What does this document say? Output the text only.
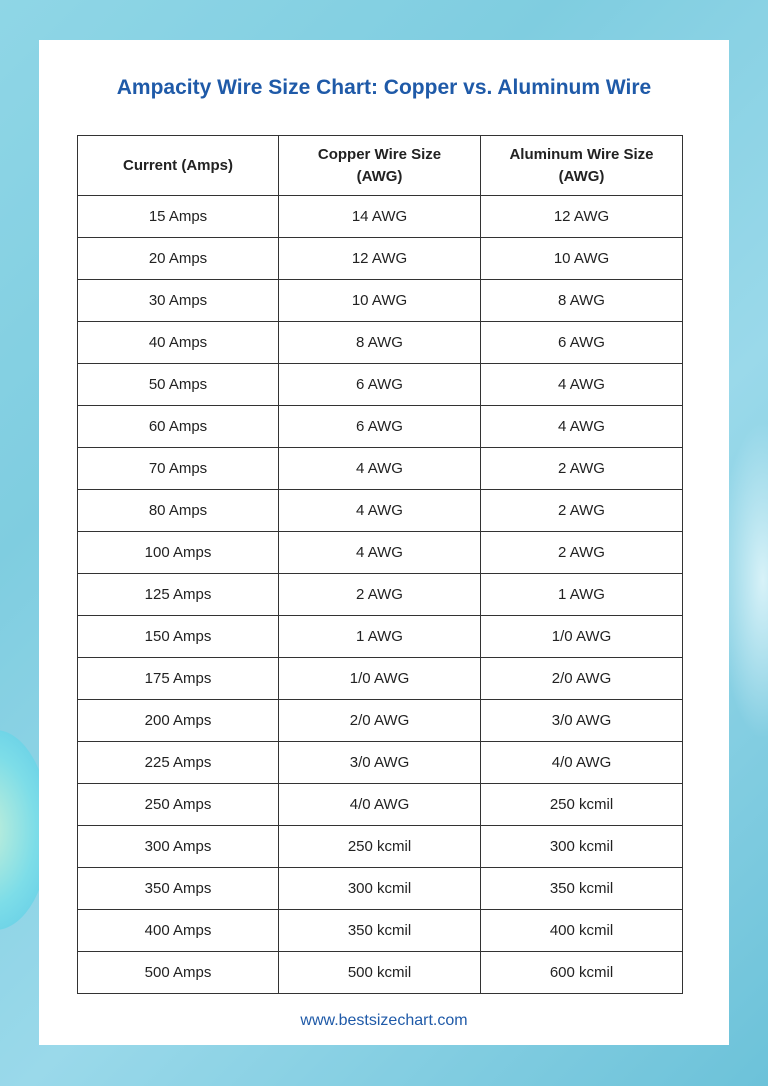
Ampacity Wire Size Chart: Copper vs. Aluminum Wire
Current (Amps)	Copper Wire Size (AWG)	Aluminum Wire Size (AWG)
15 Amps	14 AWG	12 AWG
20 Amps	12 AWG	10 AWG
30 Amps	10 AWG	8 AWG
40 Amps	8 AWG	6 AWG
50 Amps	6 AWG	4 AWG
60 Amps	6 AWG	4 AWG
70 Amps	4 AWG	2 AWG
80 Amps	4 AWG	2 AWG
100 Amps	4 AWG	2 AWG
125 Amps	2 AWG	1 AWG
150 Amps	1 AWG	1/0 AWG
175 Amps	1/0 AWG	2/0 AWG
200 Amps	2/0 AWG	3/0 AWG
225 Amps	3/0 AWG	4/0 AWG
250 Amps	4/0 AWG	250 kcmil
300 Amps	250 kcmil	300 kcmil
350 Amps	300 kcmil	350 kcmil
400 Amps	350 kcmil	400 kcmil
500 Amps	500 kcmil	600 kcmil
www.bestsizechart.com
